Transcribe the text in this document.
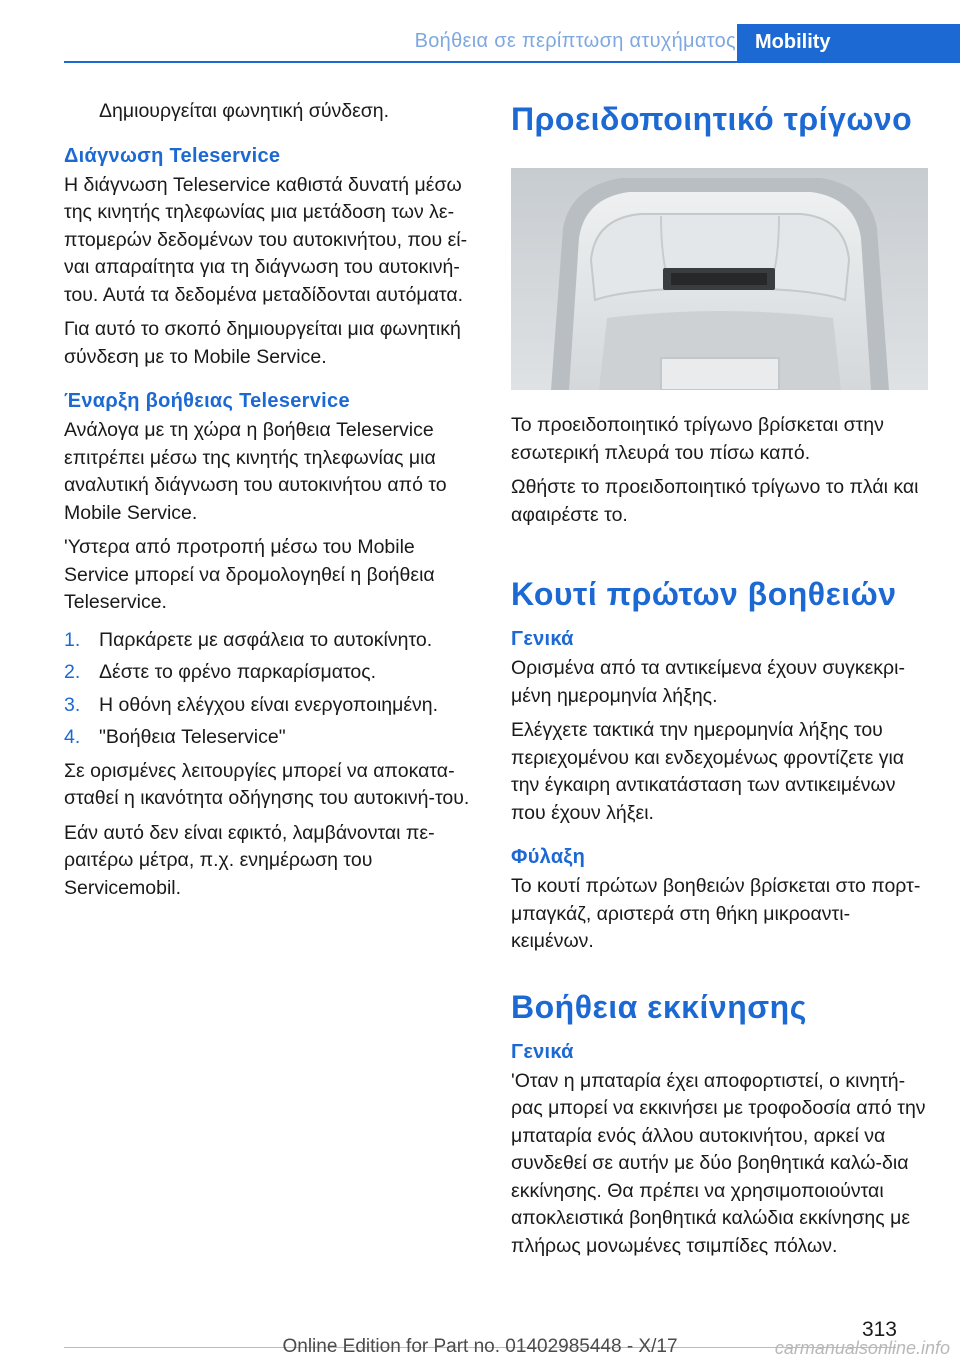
Βοήθεια σε περίπτωση ατυχήματος Mobility

Δημιουργείται φωνητική σύνδεση.

Διάγνωση Teleservice

Η διάγνωση Teleservice καθιστά δυνατή μέσω της κινητής τηλεφωνίας μια μετάδοση των λε‐πτομερών δεδομένων του αυτοκινήτου, που εί‐ναι απαραίτητα για τη διάγνωση του αυτοκινή‐του. Αυτά τα δεδομένα μεταδίδονται αυτόματα.

Για αυτό το σκοπό δημιουργείται μια φωνητική σύνδεση με το Mobile Service.

Έναρξη βοήθειας Teleservice

Ανάλογα με τη χώρα η βοήθεια Teleservice επιτρέπει μέσω της κινητής τηλεφωνίας μια αναλυτική διάγνωση του αυτοκινήτου από το Mobile Service.

'Υστερα από προτροπή μέσω του Mobile Service μπορεί να δρομολογηθεί η βοήθεια Teleservice.

1. Παρκάρετε με ασφάλεια το αυτοκίνητο.
2. Δέστε το φρένο παρκαρίσματος.
3. Η οθόνη ελέγχου είναι ενεργοποιημένη.
4. "Βοήθεια Teleservice"

Σε ορισμένες λειτουργίες μπορεί να αποκατα‐σταθεί η ικανότητα οδήγησης του αυτοκινή‐του.

Εάν αυτό δεν είναι εφικτό, λαμβάνονται πε‐ραιτέρω μέτρα, π.χ. ενημέρωση του Servicemobil.

Προειδοποιητικό τρίγωνο

Το προειδοποιητικό τρίγωνο βρίσκεται στην εσωτερική πλευρά του πίσω καπό.

Ωθήστε το προειδοποιητικό τρίγωνο το πλάι και αφαιρέστε το.

Κουτί πρώτων βοηθειών
Γενικά

Ορισμένα από τα αντικείμενα έχουν συγκεκρι‐μένη ημερομηνία λήξης.

Ελέγχετε τακτικά την ημερομηνία λήξης του περιεχομένου και ενδεχομένως φροντίζετε για την έγκαιρη αντικατάσταση των αντικειμένων που έχουν λήξει.

Φύλαξη

Το κουτί πρώτων βοηθειών βρίσκεται στο πορτ-μπαγκάζ, αριστερά στη θήκη μικροαντι‐κειμένων.

Βοήθεια εκκίνησης
Γενικά

'Οταν η μπαταρία έχει αποφορτιστεί, ο κινητή‐ρας μπορεί να εκκινήσει με τροφοδοσία από την μπαταρία ενός άλλου αυτοκινήτου, αρκεί να συνδεθεί σε αυτήν με δύο βοηθητικά καλώ‐δια εκκίνησης. Θα πρέπει να χρησιμοποιούνται αποκλειστικά βοηθητικά καλώδια εκκίνησης με πλήρως μονωμένες τσιμπίδες πόλων.

313
Online Edition for Part no. 01402985448 - X/17	carmanualsonline.info
